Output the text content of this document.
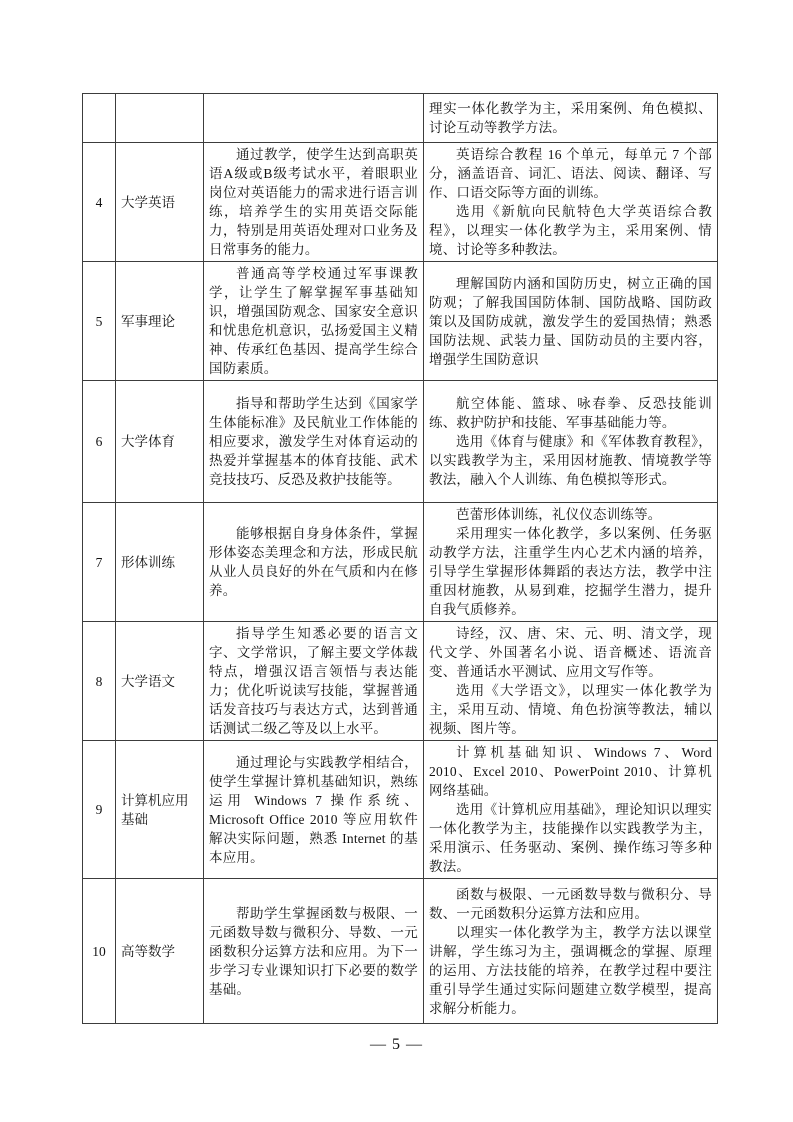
			理实一体化教学为主，采用案例、角色模拟、讨论互动等教学方法。

4	大学英语	通过教学，使学生达到高职英语A级或B级考试水平，着眼职业岗位对英语能力的需求进行语言训练，培养学生的实用英语交际能力，特别是用英语处理对口业务及日常事务的能力。	英语综合教程 16 个单元，每单元 7 个部分，涵盖语音、词汇、语法、阅读、翻译、写作、口语交际等方面的训练。

选用《新航向民航特色大学英语综合教程》，以理实一体化教学为主，采用案例、情境、讨论等多种教法。

5	军事理论	普通高等学校通过军事课教学，让学生了解掌握军事基础知识，增强国防观念、国家安全意识和忧患危机意识，弘扬爱国主义精神、传承红色基因、提高学生综合国防素质。	理解国防内涵和国防历史，树立正确的国防观；了解我国国防体制、国防战略、国防政策以及国防成就，激发学生的爱国热情；熟悉国防法规、武装力量、国防动员的主要内容，增强学生国防意识

6	大学体育	指导和帮助学生达到《国家学生体能标准》及民航业工作体能的相应要求，激发学生对体育运动的热爱并掌握基本的体育技能、武术竞技技巧、反恐及救护技能等。	航空体能、篮球、咏春拳、反恐技能训练、救护防护和技能、军事基础能力等。

选用《体育与健康》和《军体教育教程》，以实践教学为主，采用因材施教、情境教学等教法，融入个人训练、角色模拟等形式。

7	形体训练	能够根据自身身体条件，掌握形体姿态美理念和方法，形成民航从业人员良好的外在气质和内在修养。	芭蕾形体训练，礼仪仪态训练等。

采用理实一体化教学，多以案例、任务驱动教学方法，注重学生内心艺术内涵的培养，引导学生掌握形体舞蹈的表达方法，教学中注重因材施教，从易到难，挖掘学生潜力，提升自我气质修养。

8	大学语文	指导学生知悉必要的语言文字、文学常识，了解主要文学体裁特点，增强汉语言领悟与表达能力；优化听说读写技能，掌握普通话发音技巧与表达方式，达到普通话测试二级乙等及以上水平。	诗经，汉、唐、宋、元、明、清文学，现代文学、外国著名小说、语音概述、语流音变、普通话水平测试、应用文写作等。

选用《大学语文》，以理实一体化教学为主，采用互动、情境、角色扮演等教法，辅以视频、图片等。

9	计算机应用基础	通过理论与实践教学相结合，使学生掌握计算机基础知识，熟练运用 Windows 7 操作系统、Microsoft Office 2010 等应用软件解决实际问题，熟悉 Internet 的基本应用。	计算机基础知识、Windows 7、Word 2010、Excel 2010、PowerPoint 2010、计算机网络基础。

选用《计算机应用基础》，理论知识以理实一体化教学为主，技能操作以实践教学为主，采用演示、任务驱动、案例、操作练习等多种教法。

10	高等数学	帮助学生掌握函数与极限、一元函数导数与微积分、导数、一元函数积分运算方法和应用。为下一步学习专业课知识打下必要的数学基础。	函数与极限、一元函数导数与微积分、导数、一元函数积分运算方法和应用。

以理实一体化教学为主，教学方法以课堂讲解，学生练习为主，强调概念的掌握、原理的运用、方法技能的培养，在教学过程中要注重引导学生通过实际问题建立数学模型，提高求解分析能力。

— 5 —
